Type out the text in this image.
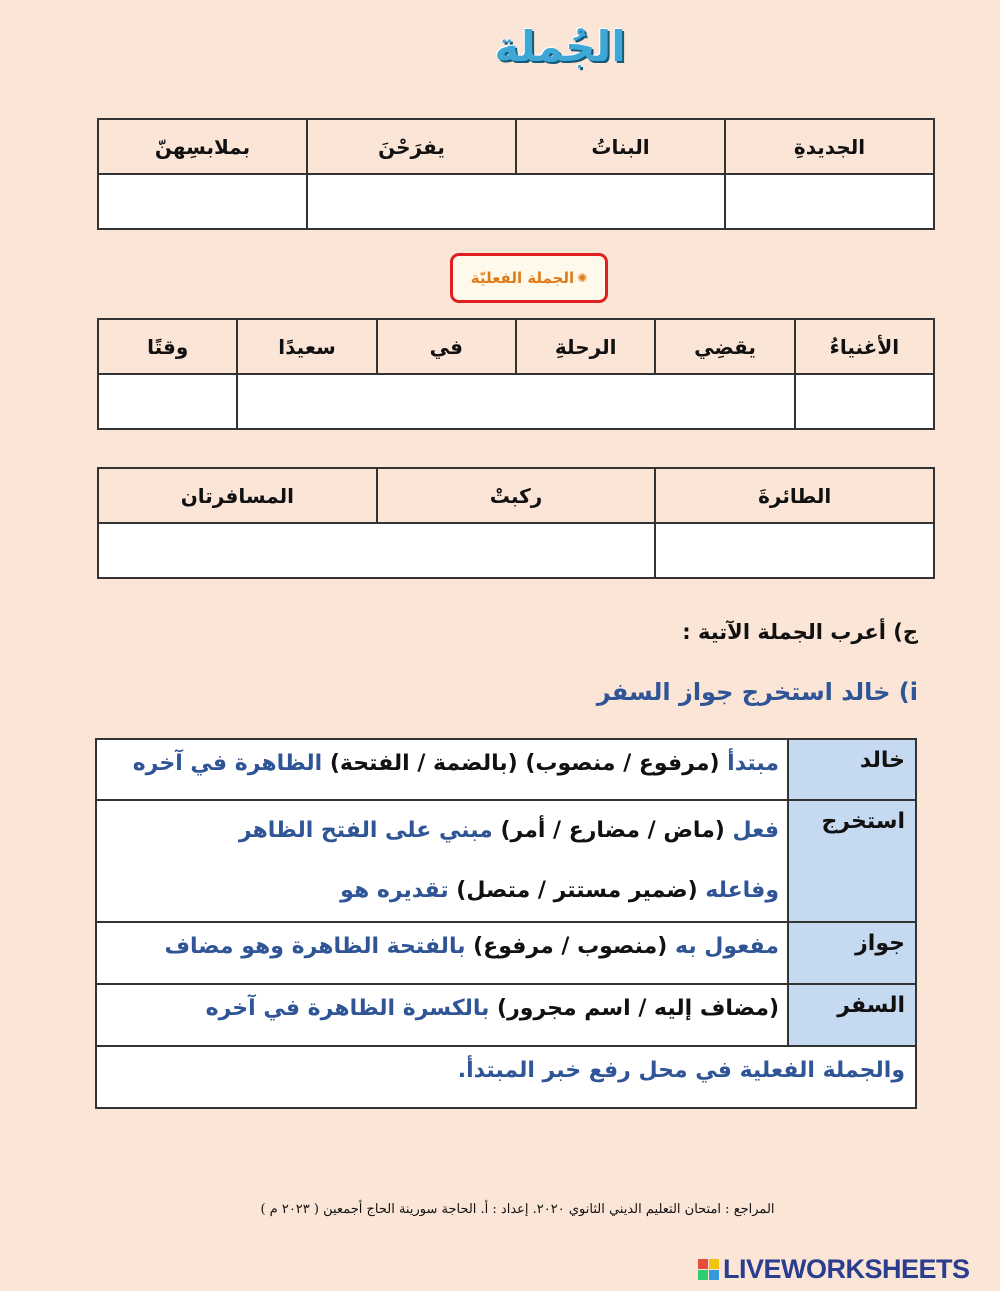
الجُملة
الجديدةِ	البناتُ	يفرَحْنَ	بملابسِهنّ

✺
الجملة الفعليّة
الأغنياءُ	يقضِي	الرحلةِ	في	سعيدًا	وقتًا

الطائرةَ	ركبتْ	المسافرتان

ج) أعرب الجملة الآتية :
i) خالد استخرج جواز السفر
خالد	مبتدأ (مرفوع / منصوب) (بالضمة / الفتحة) الظاهرة في آخره
استخرج	فعل (ماض / مضارع / أمر) مبني على الفتح الظاهر
وفاعله (ضمير مستتر / متصل) تقديره هو

جواز	مفعول به (منصوب / مرفوع) بالفتحة الظاهرة وهو مضاف
السفر	(مضاف إليه / اسم مجرور) بالكسرة الظاهرة في آخره
والجملة الفعلية في محل رفع خبر المبتدأ.	
المراجع : امتحان التعليم الديني الثانوي ٢٠٢٠. إعداد : أ. الحاجة سورينة الحاج أجمعين ( ٢٠٢٣ م )
LIVEWORKSHEETS
